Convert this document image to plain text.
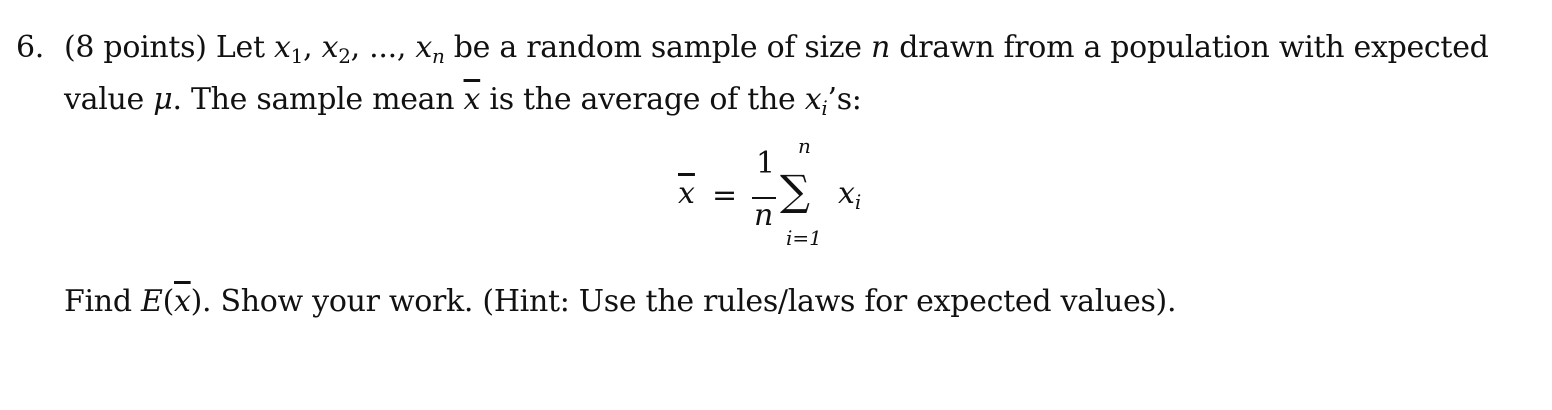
6. (8 points) Let $x_1$, $x_2$, ..., $x_n$ be a random sample of size n drawn from a population with expected
value μ. The sample mean $\overline{x}$ is the average of the $x_i’s$:
$\overline{x}$ =
1
n
n
∑
i=1
$x_i$
Find $E(\overline{x})$. Show your work. (Hint: Use the rules/laws for expected values).
